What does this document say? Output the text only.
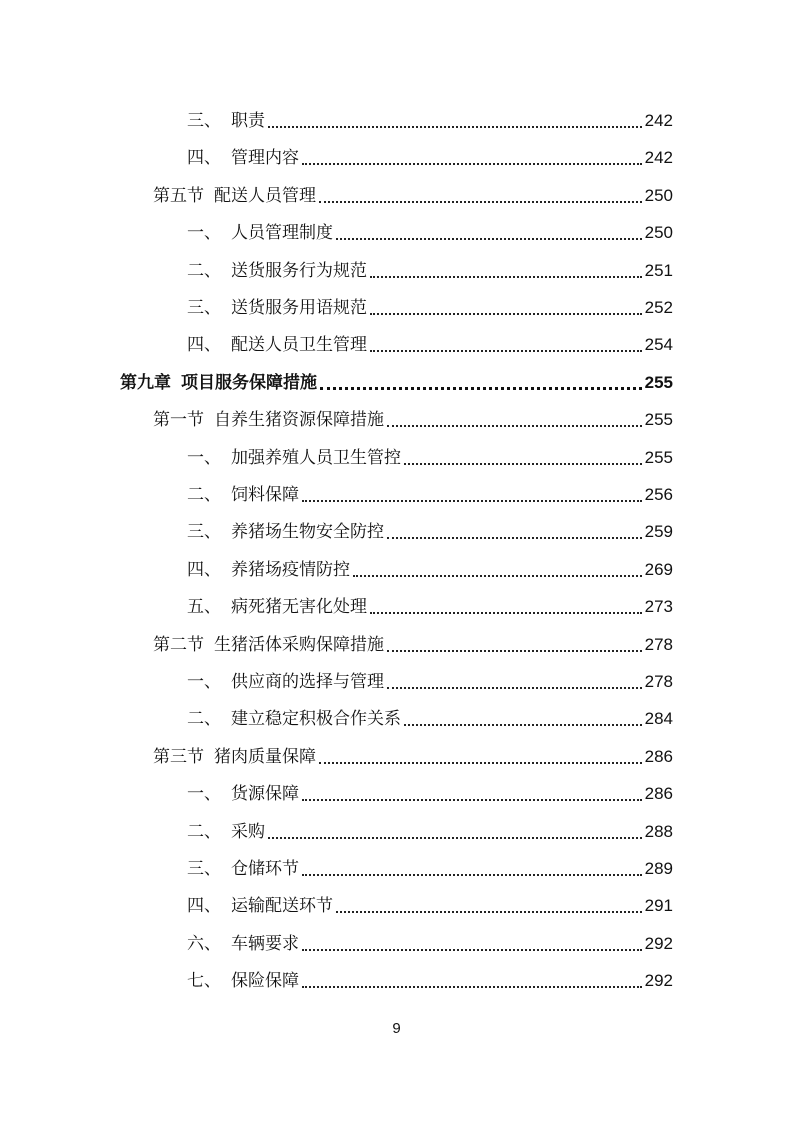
三、 职责	242
四、 管理内容	242
第五节 配送人员管理	250
一、 人员管理制度	250
二、 送货服务行为规范	251
三、 送货服务用语规范	252
四、 配送人员卫生管理	254
第九章 项目服务保障措施	255
第一节 自养生猪资源保障措施	255
一、 加强养殖人员卫生管控	255
二、 饲料保障	256
三、 养猪场生物安全防控	259
四、 养猪场疫情防控	269
五、 病死猪无害化处理	273
第二节 生猪活体采购保障措施	278
一、 供应商的选择与管理	278
二、 建立稳定积极合作关系	284
第三节 猪肉质量保障	286
一、 货源保障	286
二、 采购	288
三、 仓储环节	289
四、 运输配送环节	291
六、 车辆要求	292
七、 保险保障	292
9
